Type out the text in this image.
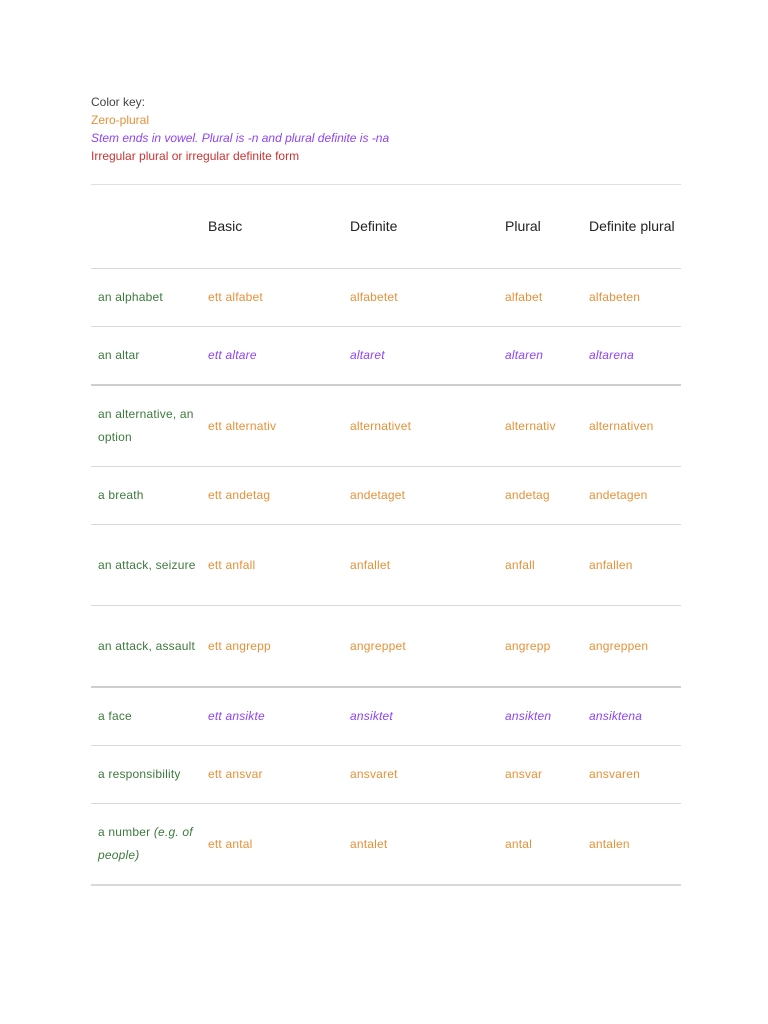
Color key:
Zero-plural
Stem ends in vowel. Plural is -n and plural definite is -na
Irregular plural or irregular definite form
	Basic	Definite	Plural	Definite plural
an alphabet	ett alfabet	alfabetet	alfabet	alfabeten
an altar	ett altare	altaret	altaren	altarena
an alternative, an option	ett alternativ	alternativet	alternativ	alternativen
a breath	ett andetag	andetaget	andetag	andetagen
an attack, seizure	ett anfall	anfallet	anfall	anfallen
an attack, assault	ett angrepp	angreppet	angrepp	angreppen
a face	ett ansikte	ansiktet	ansikten	ansiktena
a responsibility	ett ansvar	ansvaret	ansvar	ansvaren
a number (e.g. of people)	ett antal	antalet	antal	antalen
